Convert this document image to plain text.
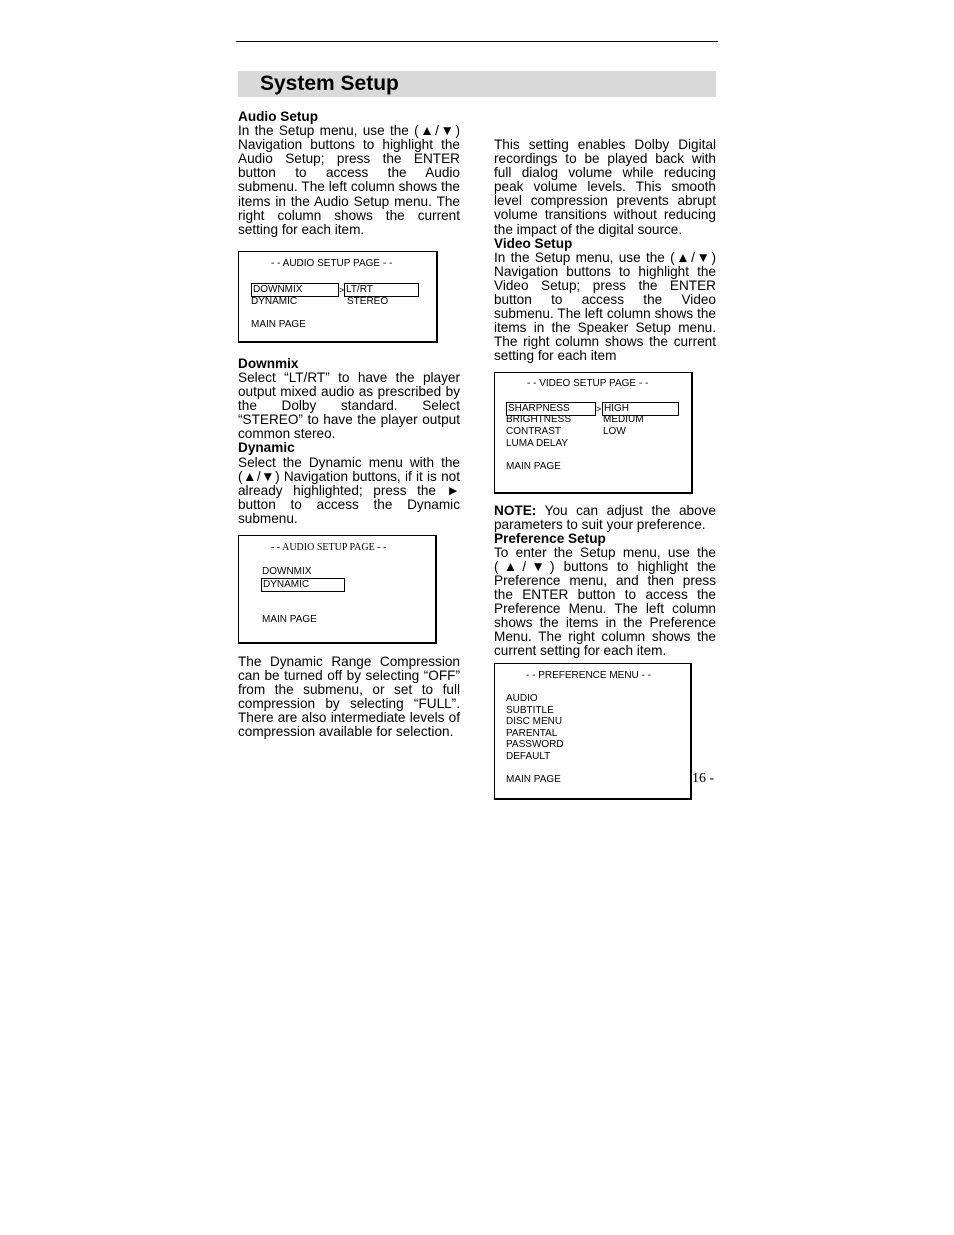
System Setup
Audio Setup

In the Setup menu, use the (▲/▼) Navigation buttons to highlight the Audio Setup; press the ENTER button to access the Audio submenu. The left column shows the items in the Audio Setup menu. The right column shows the current setting for each item.

- - AUDIO SETUP PAGE - -
DOWNMIX	> LT/RT
DYNAMIC	STEREO
MAIN PAGE
Downmix

Select “LT/RT” to have the player output mixed audio as prescribed by the Dolby standard. Select “STEREO” to have the player output common stereo.

Dynamic

Select the Dynamic menu with the (▲/▼) Navigation buttons, if it is not already highlighted; press the ► button to access the Dynamic submenu.

- - AUDIO SETUP PAGE - -
DOWNMIX
DYNAMIC
MAIN PAGE

The Dynamic Range Compression can be turned off by selecting “OFF” from the submenu, or set to full compression by selecting “FULL”. There are also intermediate levels of compression available for selection.

This setting enables Dolby Digital recordings to be played back with full dialog volume while reducing peak volume levels. This smooth level compression prevents abrupt volume transitions without reducing the impact of the digital source.

Video Setup

In the Setup menu, use the (▲/▼) Navigation buttons to highlight the Video Setup; press the ENTER button to access the Video submenu. The left column shows the items in the Speaker Setup menu. The right column shows the current setting for each item

- - VIDEO SETUP PAGE - -
SHARPNESS	> HIGH
BRIGHTNESS	MEDIUM
CONTRAST	LOW
LUMA DELAY
MAIN PAGE

NOTE: You can adjust the above parameters to suit your preference.

Preference Setup

To enter the Setup menu, use the (▲/▼) buttons to highlight the Preference menu, and then press the ENTER button to access the Preference Menu. The left column shows the items in the Preference Menu. The right column shows the current setting for each item.

- - PREFERENCE MENU - -
AUDIO
SUBTITLE
DISC MENU
PARENTAL
PASSWORD
DEFAULT
MAIN PAGE	16 -
